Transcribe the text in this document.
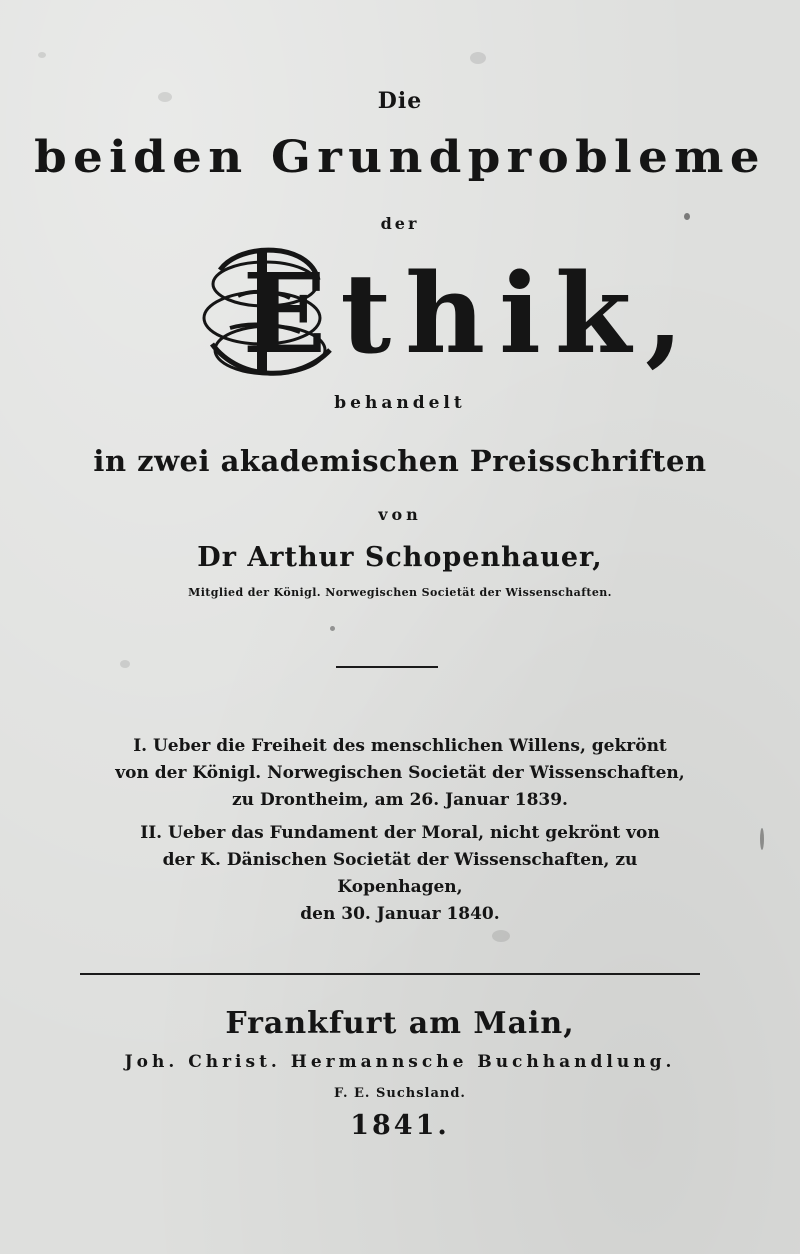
Die
beiden Grundprobleme
der
Ethik,
behandelt
in zwei akademischen Preisschriften
von
Dr Arthur Schopenhauer,
Mitglied der Königl. Norwegischen Societät der Wissenschaften.
I. Ueber die Freiheit des menschlichen Willens, gekrönt
von der Königl. Norwegischen Societät der Wissenschaften,
zu Drontheim, am 26. Januar 1839.
II. Ueber das Fundament der Moral, nicht gekrönt von
der K. Dänischen Societät der Wissenschaften, zu Kopenhagen,
den 30. Januar 1840.
Frankfurt am Main,
Joh. Christ. Hermannsche Buchhandlung.
F. E. Suchsland.
1841.
